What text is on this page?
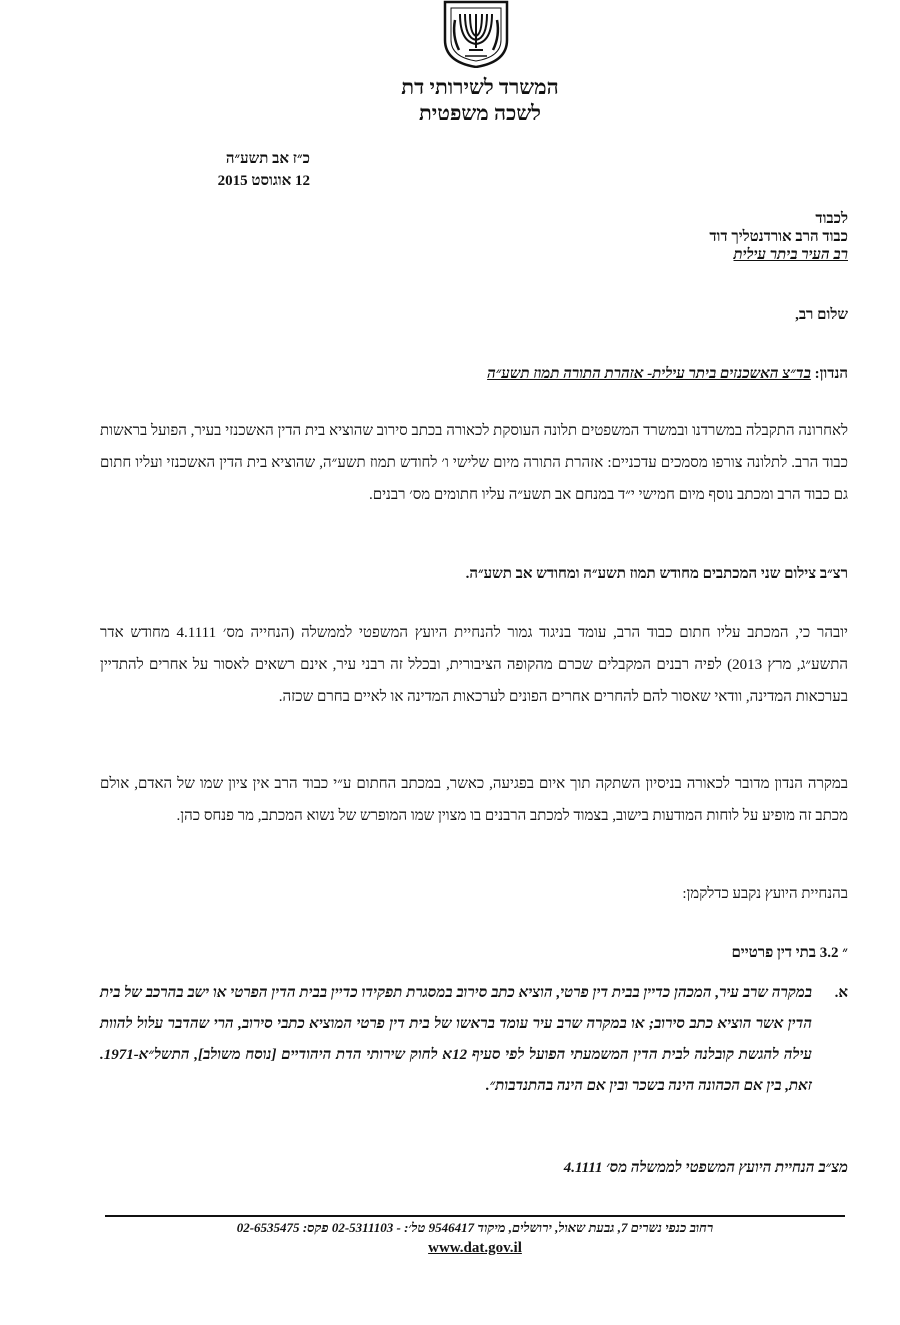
המשרד לשירותי דת
לשכה משפטית
כ״ז אב תשע״ה
12 אוגוסט 2015
לכבוד
כבוד הרב אורדנטליך דוד
רב העיר ביתר עילית
שלום רב,
הנדון: בד״צ האשכנזים ביתר עילית- אזהרת התורה תמוז תשע״ה
לאחרונה התקבלה במשרדנו ובמשרד המשפטים תלונה העוסקת לכאורה בכתב סירוב שהוציא בית הדין האשכנזי בעיר, הפועל בראשות כבוד הרב. לתלונה צורפו מסמכים עדכניים: אזהרת התורה מיום שלישי ו׳ לחודש תמוז תשע״ה, שהוציא בית הדין האשכנזי ועליו חתום גם כבוד הרב ומכתב נוסף מיום חמישי י״ד במנחם אב תשע״ה עליו חתומים מס׳ רבנים.
רצ״ב צילום שני המכתבים מחודש תמוז תשע״ה ומחודש אב תשע״ה.
יובהר כי, המכתב עליו חתום כבוד הרב, עומד בניגוד גמור להנחיית היועץ המשפטי לממשלה (הנחייה מס׳ 4.1111 מחודש אדר התשע״ג, מרץ 2013) לפיה רבנים המקבלים שכרם מהקופה הציבורית, ובכלל זה רבני עיר, אינם רשאים לאסור על אחרים להתדיין בערכאות המדינה, וודאי שאסור להם להחרים אחרים הפונים לערכאות המדינה או לאיים בחרם שכזה.
במקרה הנדון מדובר לכאורה בניסיון השתקה תוך איום בפגיעה, כאשר, במכתב החתום ע״י כבוד הרב אין ציון שמו של האדם, אולם מכתב זה מופיע על לוחות המודעות בישוב, בצמוד למכתב הרבנים בו מצוין שמו המופרש של נשוא המכתב, מר פנחס כהן.
בהנחיית היועץ נקבע כדלקמן:
״ 3.2 בתי דין פרטיים
א.
במקרה שרב עיר, המכהן כדיין בבית דין פרטי, הוציא כתב סירוב במסגרת תפקידו כדיין בבית הדין הפרטי או ישב בהרכב של בית הדין אשר הוציא כתב סירוב; או במקרה שרב עיר עומד בראשו של בית דין פרטי המוציא כתבי סירוב, הרי שהדבר עלול להוות עילה להגשת קובלנה לבית הדין המשמעתי הפועל לפי סעיף 12א לחוק שירותי הדת היהודיים [נוסח משולב], התשל״א-1971. זאת, בין אם הכהונה הינה בשכר ובין אם הינה בהתנדבות״.
מצ״ב הנחיית היועץ המשפטי לממשלה מס׳ 4.1111
רחוב כנפי נשרים 7, גבעת שאול, ירושלים, מיקוד 9546417 טל׳: - 02-5311103 פקס: 02-6535475
www.dat.gov.il
